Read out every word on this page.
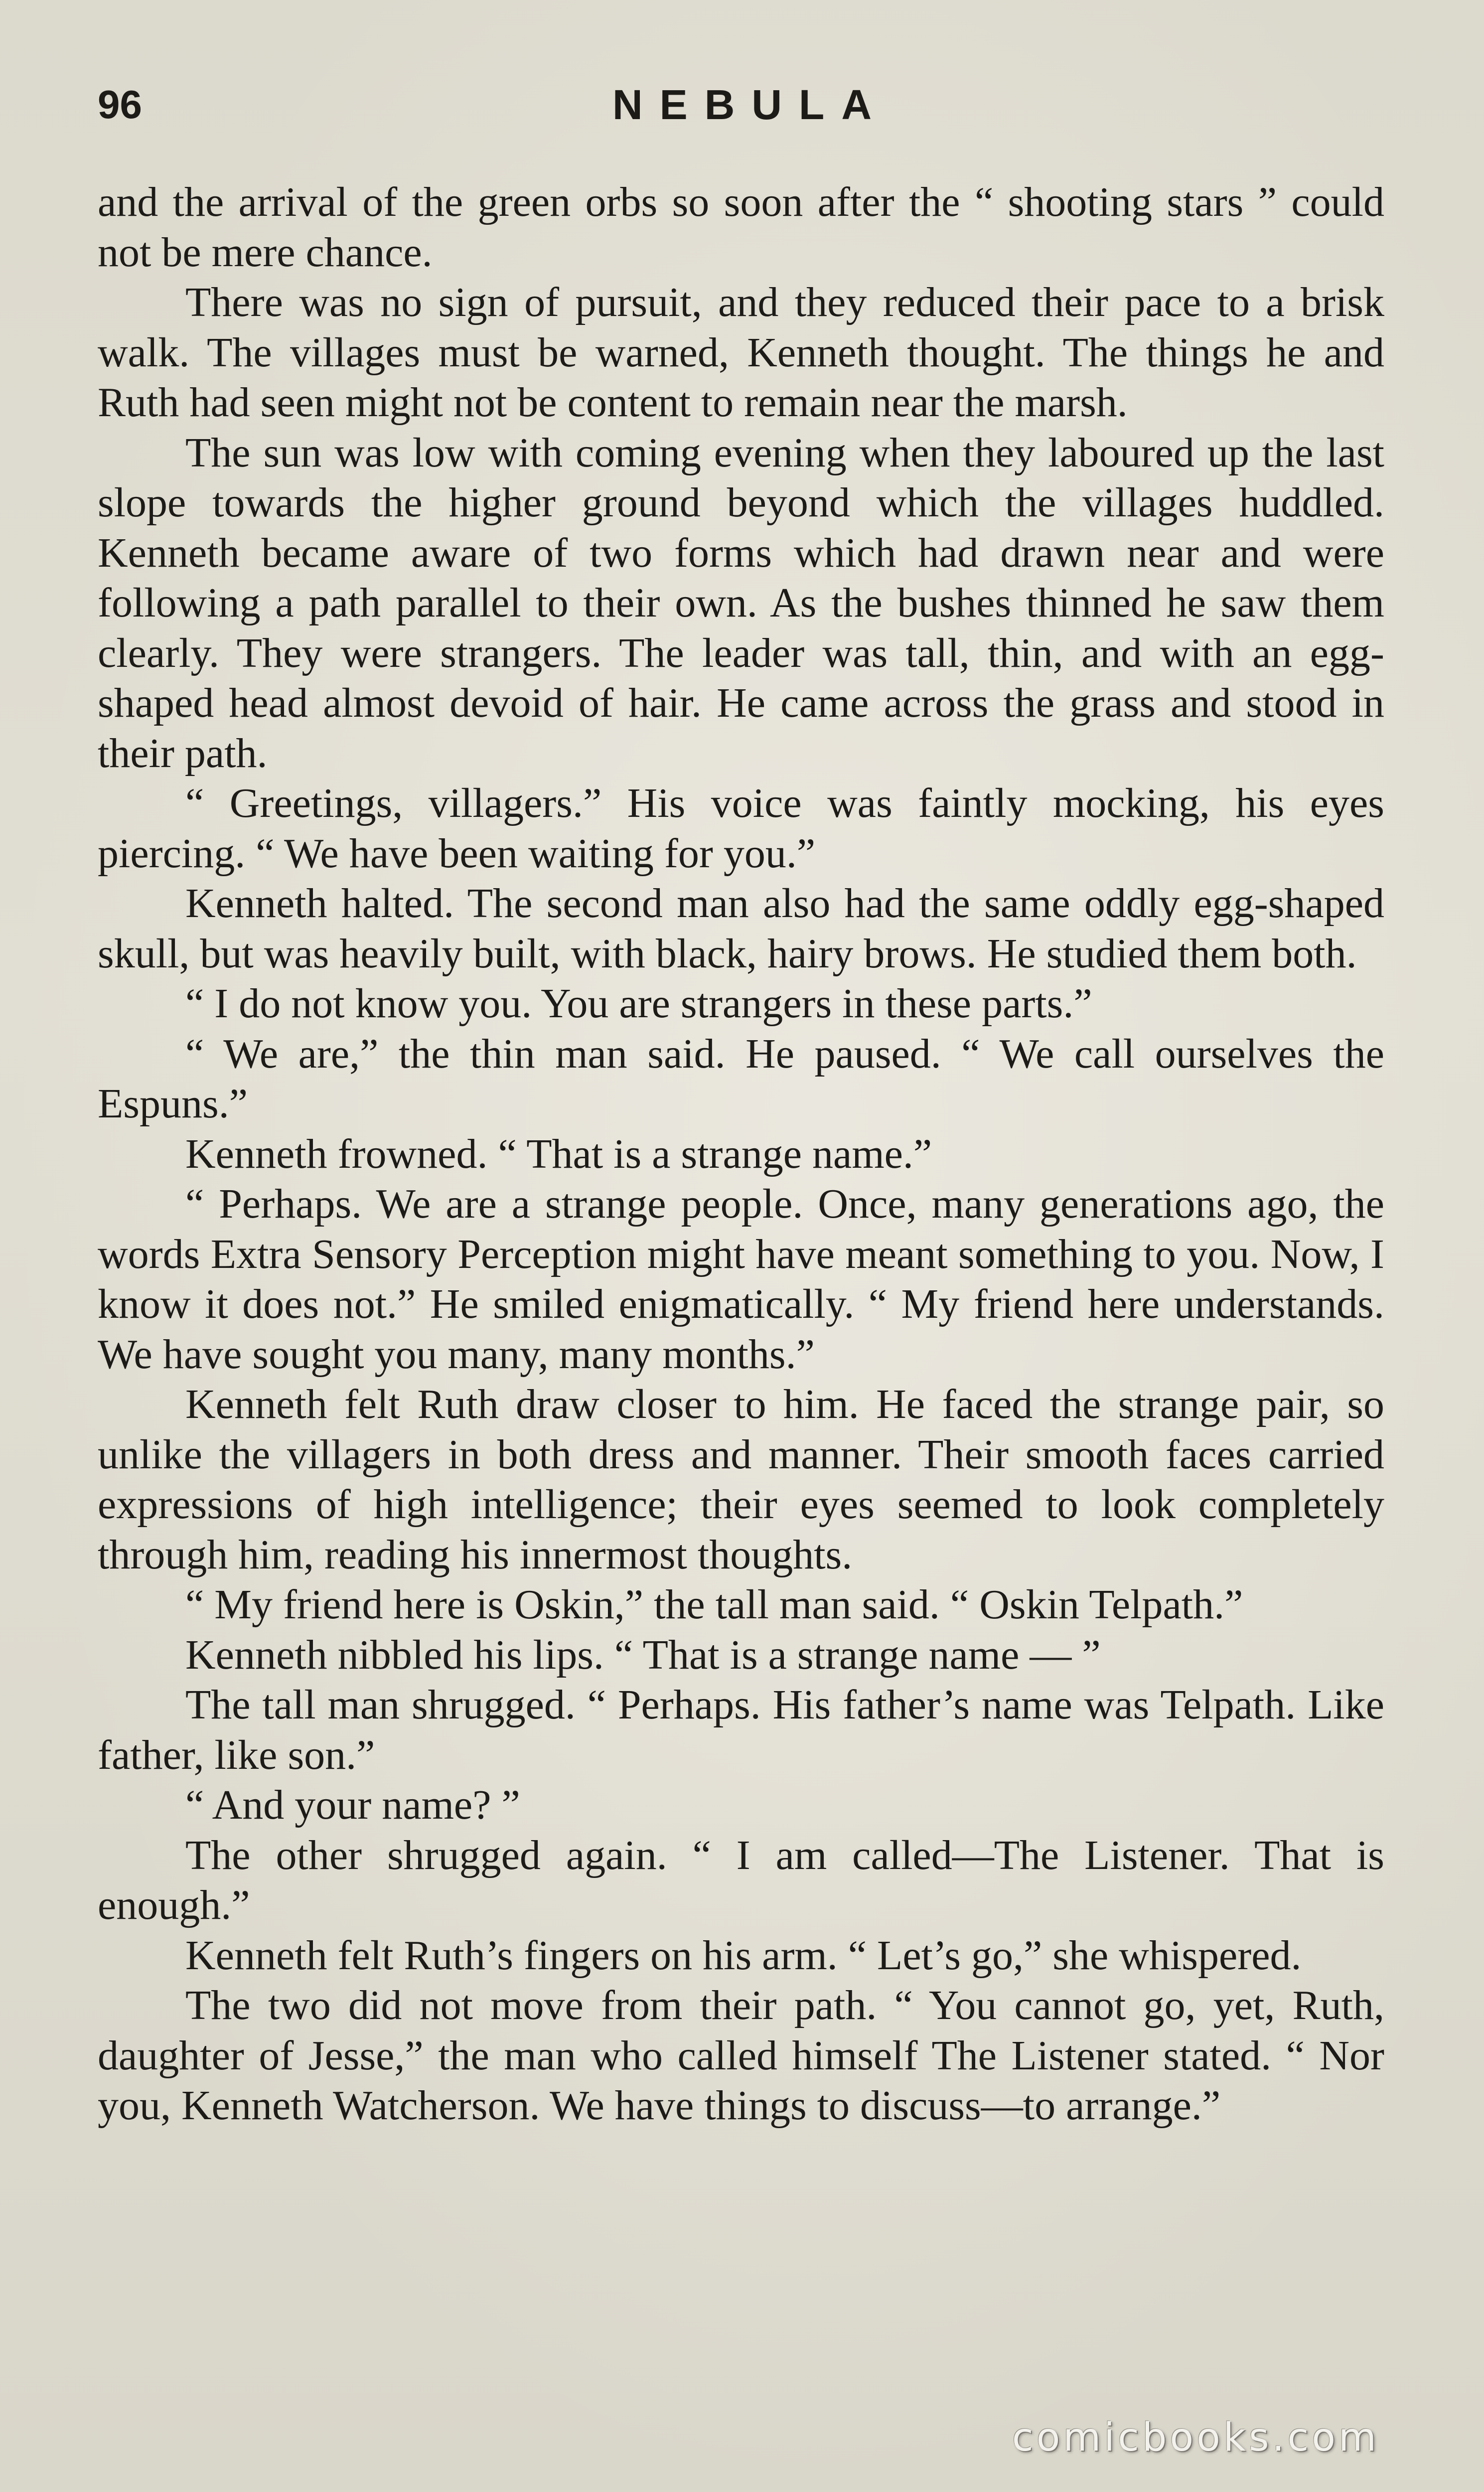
96	NEBULA

and the arrival of the green orbs so soon after the “ shooting stars ” could not be mere chance.

There was no sign of pursuit, and they reduced their pace to a brisk walk. The villages must be warned, Kenneth thought. The things he and Ruth had seen might not be content to remain near the marsh.

The sun was low with coming evening when they laboured up the last slope towards the higher ground beyond which the villages huddled. Kenneth became aware of two forms which had drawn near and were following a path parallel to their own. As the bushes thinned he saw them clearly. They were strangers. The leader was tall, thin, and with an egg-shaped head almost devoid of hair. He came across the grass and stood in their path.

“ Greetings, villagers.” His voice was faintly mocking, his eyes piercing. “ We have been waiting for you.”

Kenneth halted. The second man also had the same oddly egg-shaped skull, but was heavily built, with black, hairy brows. He studied them both.

“ I do not know you. You are strangers in these parts.”

“ We are,” the thin man said. He paused. “ We call ourselves the Espuns.”

Kenneth frowned. “ That is a strange name.”

“ Perhaps. We are a strange people. Once, many generations ago, the words Extra Sensory Perception might have meant something to you. Now, I know it does not.” He smiled enigmatically. “ My friend here understands. We have sought you many, many months.”

Kenneth felt Ruth draw closer to him. He faced the strange pair, so unlike the villagers in both dress and manner. Their smooth faces carried expressions of high intelligence; their eyes seemed to look completely through him, reading his innermost thoughts.

“ My friend here is Oskin,” the tall man said. “ Oskin Telpath.”

Kenneth nibbled his lips. “ That is a strange name — ”

The tall man shrugged. “ Perhaps. His father’s name was Telpath. Like father, like son.”

“ And your name? ”

The other shrugged again. “ I am called—The Listener. That is enough.”

Kenneth felt Ruth’s fingers on his arm. “ Let’s go,” she whispered.

The two did not move from their path. “ You cannot go, yet, Ruth, daughter of Jesse,” the man who called himself The Listener stated. “ Nor you, Kenneth Watcherson. We have things to discuss—to arrange.”

comicbooks.com
